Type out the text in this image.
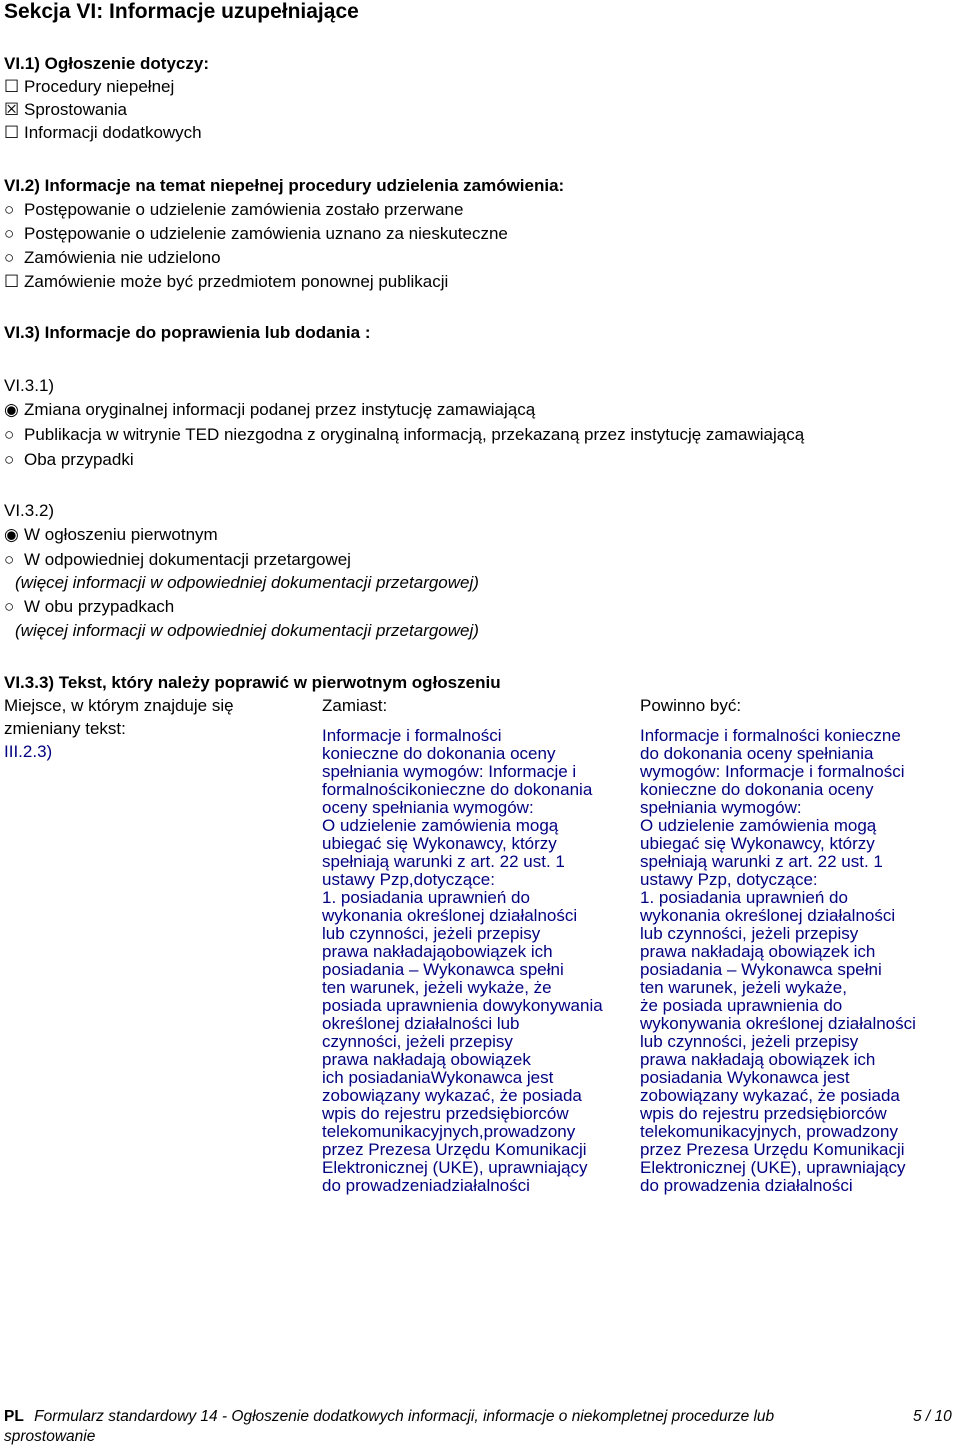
Sekcja VI: Informacje uzupełniające
VI.1) Ogłoszenie dotyczy:
☐ Procedury niepełnej
☒ Sprostowania
☐ Informacji dodatkowych
VI.2) Informacje na temat niepełnej procedury udzielenia zamówienia:
○ Postępowanie o udzielenie zamówienia zostało przerwane
○ Postępowanie o udzielenie zamówienia uznano za nieskuteczne
○ Zamówienia nie udzielono
☐ Zamówienie może być przedmiotem ponownej publikacji
VI.3) Informacje do poprawienia lub dodania :
VI.3.1)
◉ Zmiana oryginalnej informacji podanej przez instytucję zamawiającą
○ Publikacja w witrynie TED niezgodna z oryginalną informacją, przekazaną przez instytucję zamawiającą
○ Oba przypadki
VI.3.2)
◉ W ogłoszeniu pierwotnym
○ W odpowiedniej dokumentacji przetargowej
(więcej informacji w odpowiedniej dokumentacji przetargowej)
○ W obu przypadkach
(więcej informacji w odpowiedniej dokumentacji przetargowej)
VI.3.3) Tekst, który należy poprawić w pierwotnym ogłoszeniu
Miejsce, w którym znajduje się
zmieniany tekst:
III.2.3)
Zamiast:	Powinno być:
Informacje i formalności
konieczne do dokonania oceny
spełniania wymogów: Informacje i
formalnościkonieczne do dokonania
oceny spełniania wymogów:
O udzielenie zamówienia mogą
ubiegać się Wykonawcy, którzy
spełniają warunki z art. 22 ust. 1
ustawy Pzp,dotyczące:
1. posiadania uprawnień do
wykonania określonej działalności
lub czynności, jeżeli przepisy
prawa nakładająobowiązek ich
posiadania – Wykonawca spełni
ten warunek, jeżeli wykaże, że
posiada uprawnienia dowykonywania
określonej działalności lub
czynności, jeżeli przepisy
prawa nakładają obowiązek
ich posiadaniaWykonawca jest
zobowiązany wykazać, że posiada
wpis do rejestru przedsiębiorców
telekomunikacyjnych,prowadzony
przez Prezesa Urzędu Komunikacji
Elektronicznej (UKE), uprawniający
do prowadzeniadziałalności
Informacje i formalności konieczne
do dokonania oceny spełniania
wymogów: Informacje i formalności
konieczne do dokonania oceny
spełniania wymogów:
O udzielenie zamówienia mogą
ubiegać się Wykonawcy, którzy
spełniają warunki z art. 22 ust. 1
ustawy Pzp, dotyczące:
1. posiadania uprawnień do
wykonania określonej działalności
lub czynności, jeżeli przepisy
prawa nakładają obowiązek ich
posiadania – Wykonawca spełni
ten warunek, jeżeli wykaże,
że posiada uprawnienia do
wykonywania określonej działalności
lub czynności, jeżeli przepisy
prawa nakładają obowiązek ich
posiadania Wykonawca jest
zobowiązany wykazać, że posiada
wpis do rejestru przedsiębiorców
telekomunikacyjnych, prowadzony
przez Prezesa Urzędu Komunikacji
Elektronicznej (UKE), uprawniający
do prowadzenia działalności
PL Formularz standardowy 14 - Ogłoszenie dodatkowych informacji, informacje o niekompletnej procedurze lub
sprostowanie
5 / 10
